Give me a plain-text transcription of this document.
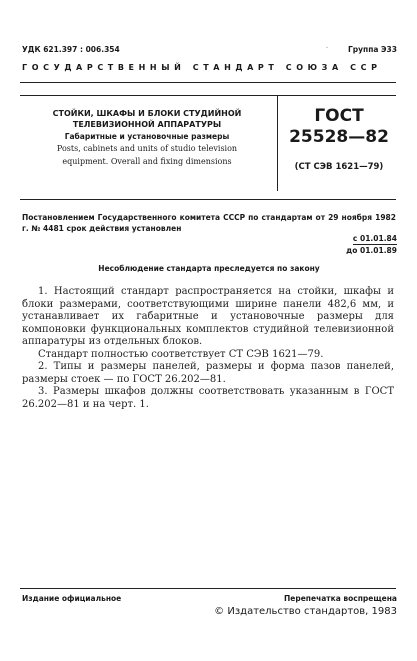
УДК 621.397 : 006.354	·	Группа Э33
ГОСУДАРСТВЕННЫЙ СТАНДАРТ СОЮЗА ССР
СТОЙКИ, ШКАФЫ И БЛОКИ СТУДИЙНОЙ
ТЕЛЕВИЗИОННОЙ АППАРАТУРЫ
Габаритные и установочные размеры
Posts, cabinets and units of studio television
equipment. Overall and fixing dimensions
ГОСТ
25528—82
(СТ СЭВ 1621—79)
Постановлением Государственного комитета СССР по стандартам от 29 ноября 1982 г. № 4481 срок действия установлен
с 01.01.84
до 01.01.89
Несоблюдение стандарта преследуется по закону

1. Настоящий стандарт распространяется на стойки, шкафы и блоки размерами, соответствующими ширине панели 482,6 мм, и устанавливает их габаритные и установочные размеры для компоновки функциональных комплектов студийной телевизионной аппаратуры из отдельных блоков.

Стандарт полностью соответствует СТ СЭВ 1621—79.

2. Типы и размеры панелей, размеры и форма пазов панелей, размеры стоек — по ГОСТ 26.202—81.

3. Размеры шкафов должны соответствовать указанным в ГОСТ 26.202—81 и на черт. 1.

Издание официальное	Перепечатка воспрещена
© Издательство стандартов, 1983
